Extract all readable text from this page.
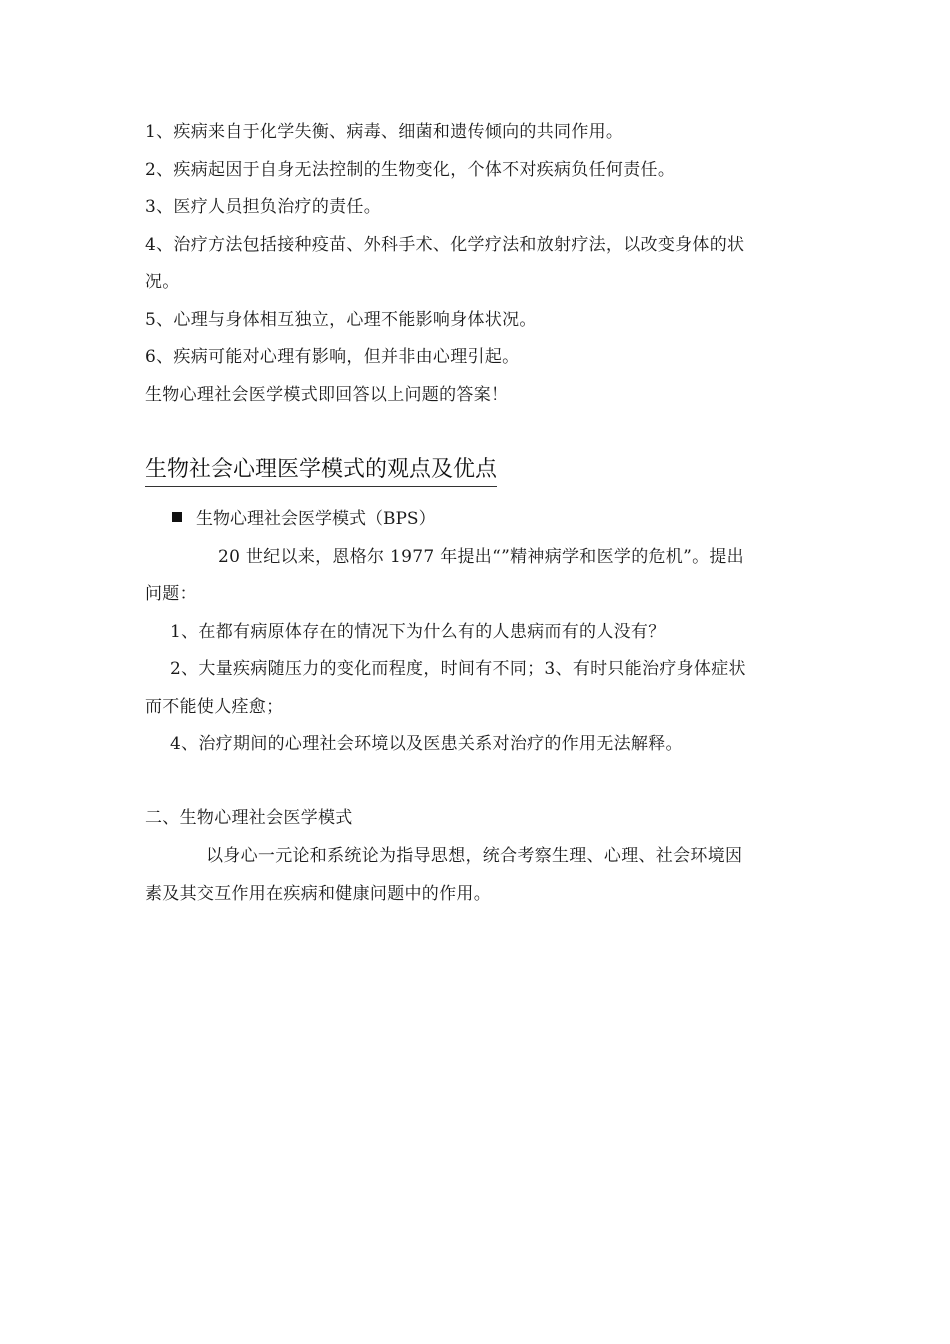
1、疾病来自于化学失衡、病毒、细菌和遗传倾向的共同作用。
2、疾病起因于自身无法控制的生物变化，个体不对疾病负任何责任。
3、医疗人员担负治疗的责任。
4、治疗方法包括接种疫苗、外科手术、化学疗法和放射疗法，以改变身体的状
况。
5、心理与身体相互独立，心理不能影响身体状况。
6、疾病可能对心理有影响，但并非由心理引起。
生物心理社会医学模式即回答以上问题的答案！
生物社会心理医学模式的观点及优点
生物心理社会医学模式（BPS）
20 世纪以来，恩格尔 1977 年提出“”精神病学和医学的危机”。提出
问题：
1、在都有病原体存在的情况下为什么有的人患病而有的人没有？
2、大量疾病随压力的变化而程度，时间有不同；3、有时只能治疗身体症状
而不能使人痊愈；
4、治疗期间的心理社会环境以及医患关系对治疗的作用无法解释。
二、生物心理社会医学模式
以身心一元论和系统论为指导思想，统合考察生理、心理、社会环境因
素及其交互作用在疾病和健康问题中的作用。
